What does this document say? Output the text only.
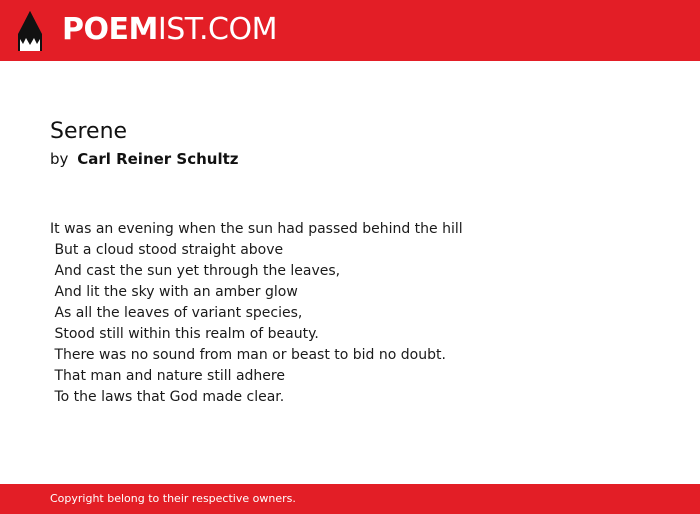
POEMIST.COM
Serene
by Carl Reiner Schultz
It was an evening when the sun had passed behind the hill
But a cloud stood straight above
And cast the sun yet through the leaves,
And lit the sky with an amber glow
As all the leaves of variant species,
Stood still within this realm of beauty.
There was no sound from man or beast to bid no doubt.
That man and nature still adhere
To the laws that God made clear.
Copyright belong to their respective owners.
